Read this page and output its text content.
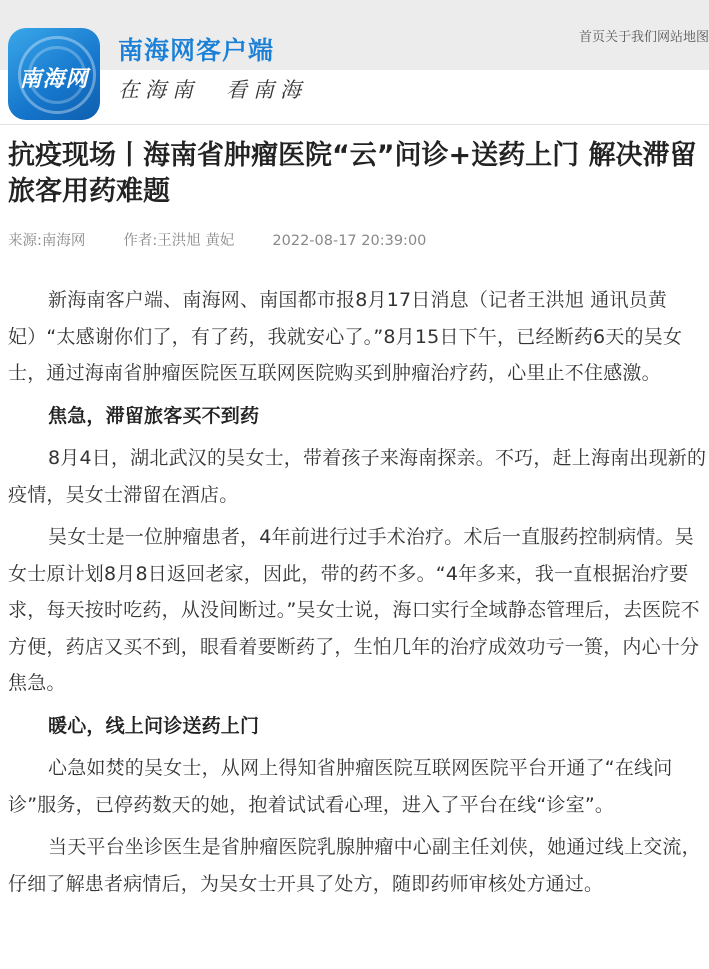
首页关于我们网站地图
南海网
南海网客户端
在海南　看南海
抗疫现场丨海南省肿瘤医院“云”问诊+送药上门 解决滞留旅客用药难题
来源:南海网	作者:王洪旭 黄妃	2022-08-17 20:39:00

新海南客户端、南海网、南国都市报8月17日消息（记者王洪旭 通讯员黄妃）“太感谢你们了，有了药，我就安心了。”8月15日下午，已经断药6天的吴女士，通过海南省肿瘤医院医互联网医院购买到肿瘤治疗药，心里止不住感激。

焦急，滞留旅客买不到药

8月4日，湖北武汉的吴女士，带着孩子来海南探亲。不巧，赶上海南出现新的疫情，吴女士滞留在酒店。

吴女士是一位肿瘤患者，4年前进行过手术治疗。术后一直服药控制病情。吴女士原计划8月8日返回老家，因此，带的药不多。“4年多来，我一直根据治疗要求，每天按时吃药，从没间断过。”吴女士说，海口实行全域静态管理后，去医院不方便，药店又买不到，眼看着要断药了，生怕几年的治疗成效功亏一篑，内心十分焦急。

暖心，线上问诊送药上门

心急如焚的吴女士，从网上得知省肿瘤医院互联网医院平台开通了“在线问诊”服务，已停药数天的她，抱着试试看心理，进入了平台在线“诊室”。

当天平台坐诊医生是省肿瘤医院乳腺肿瘤中心副主任刘侠，她通过线上交流，仔细了解患者病情后，为吴女士开具了处方，随即药师审核处方通过。
